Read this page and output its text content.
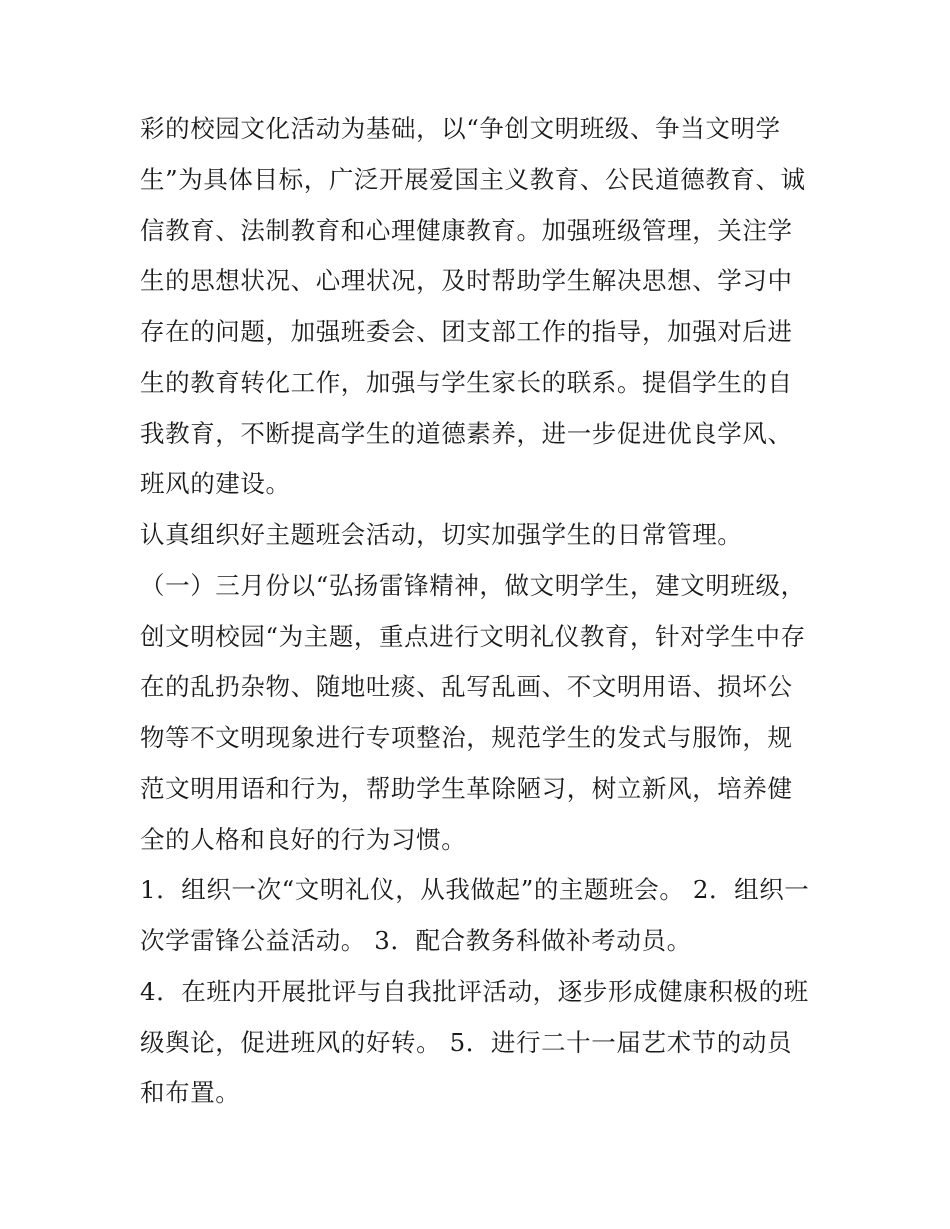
彩的校园文化活动为基础，以“争创文明班级、争当文明学生”为具体目标，广泛开展爱国主义教育、公民道德教育、诚信教育、法制教育和心理健康教育。加强班级管理，关注学生的思想状况、心理状况，及时帮助学生解决思想、学习中存在的问题，加强班委会、团支部工作的指导，加强对后进生的教育转化工作，加强与学生家长的联系。提倡学生的自我教育，不断提高学生的道德素养，进一步促进优良学风、班风的建设。

认真组织好主题班会活动，切实加强学生的日常管理。

（一）三月份以“弘扬雷锋精神，做文明学生，建文明班级，创文明校园“为主题，重点进行文明礼仪教育，针对学生中存在的乱扔杂物、随地吐痰、乱写乱画、不文明用语、损坏公物等不文明现象进行专项整治，规范学生的发式与服饰，规范文明用语和行为，帮助学生革除陋习，树立新风，培养健全的人格和良好的行为习惯。

1．组织一次“文明礼仪，从我做起”的主题班会。 2．组织一次学雷锋公益活动。 3．配合教务科做补考动员。

4．在班内开展批评与自我批评活动，逐步形成健康积极的班级舆论，促进班风的好转。 5．进行二十一届艺术节的动员和布置。
